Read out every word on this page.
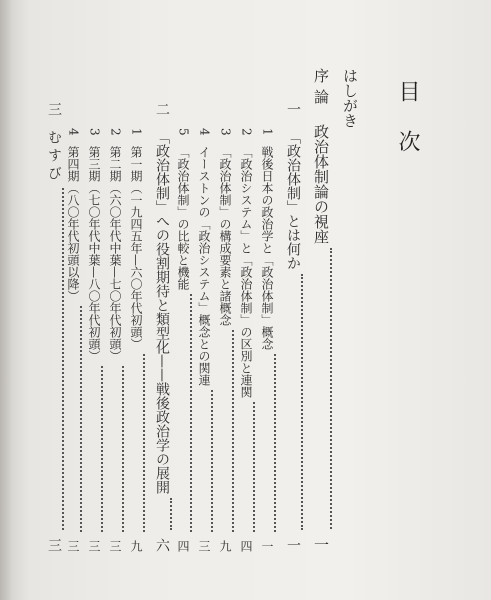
目次
はしがき
序論
政治体制論の視座
一
一
「政治体制」とは何か
一
1
戦後日本の政治学と「政治体制」概念
一
2
「政治システム」と「政治体制」の区別と連関
四
3
「政治体制」の構成要素と諸概念
九
4
イーストンの「政治システム」概念との関連
三
5
「政治体制」の比較と機能
四
二
「政治体制」への役割期待と類型化——戦後政治学の展開
六
1
第一期（一九四五年—六〇年代初頭）
九
2
第二期（六〇年代中葉—七〇年代初頭）
三
3
第三期（七〇年代中葉—八〇年代初頭）
三
4
第四期（八〇年代初頭以降）
三
三
むすび
三
